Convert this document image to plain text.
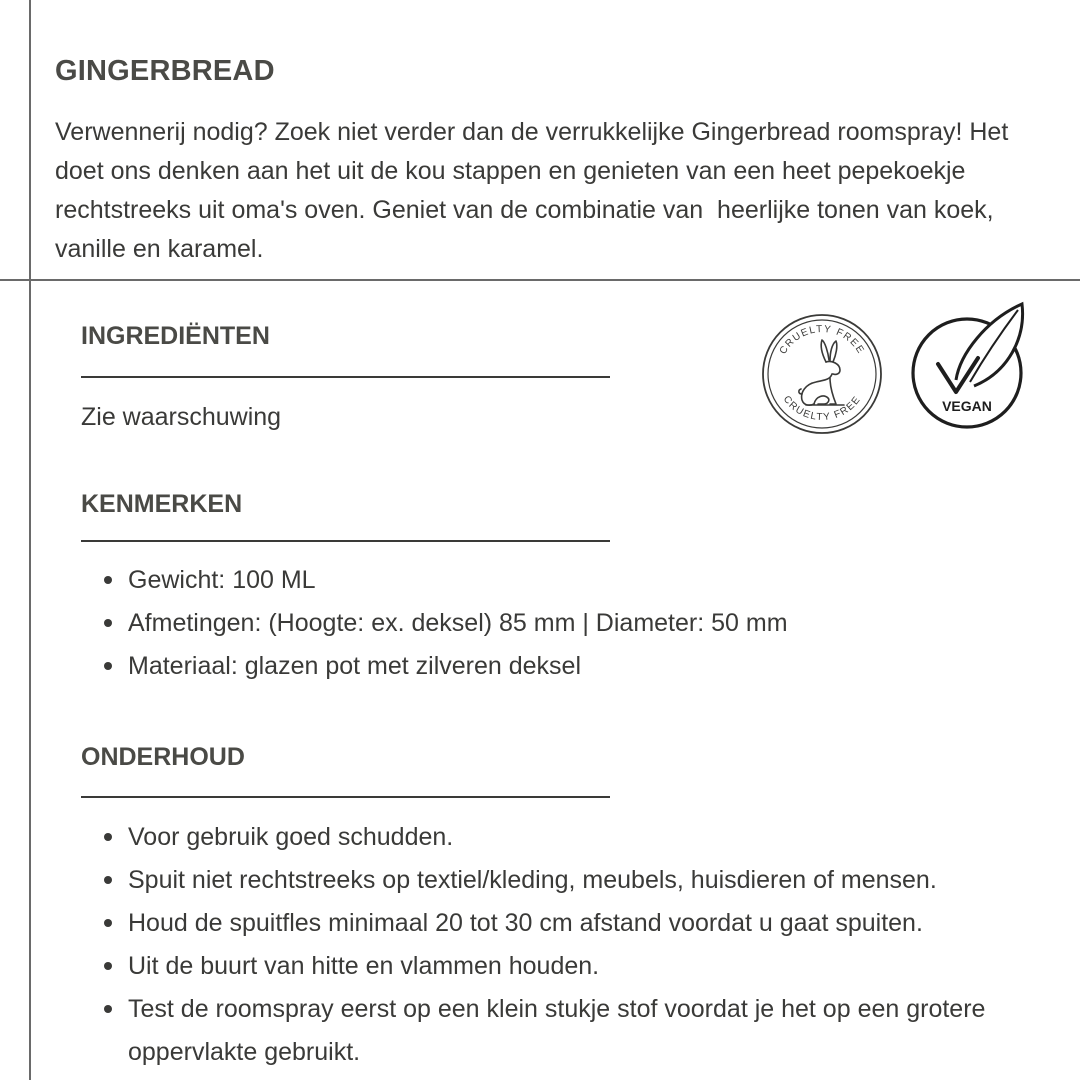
GINGERBREAD

Verwennerij nodig? Zoek niet verder dan de verrukkelijke Gingerbread roomspray! Het doet ons denken aan het uit de kou stappen en genieten van een heet pepekoekje rechtstreeks uit oma's oven. Geniet van de combinatie van  heerlijke tonen van koek, vanille en karamel.

INGREDIËNTEN

Zie waarschuwing

KENMERKEN
Gewicht: 100 ML
Afmetingen: (Hoogte: ex. deksel) 85 mm | Diameter: 50 mm
Materiaal: glazen pot met zilveren deksel
ONDERHOUD
Voor gebruik goed schudden.
Spuit niet rechtstreeks op textiel/kleding, meubels, huisdieren of mensen.
Houd de spuitfles minimaal 20 tot 30 cm afstand voordat u gaat spuiten.
Uit de buurt van hitte en vlammen houden.
Test de roomspray eerst op een klein stukje stof voordat je het op een grotere oppervlakte gebruikt.
CRUELTY FREE
CRUELTY FREE	VEGAN
